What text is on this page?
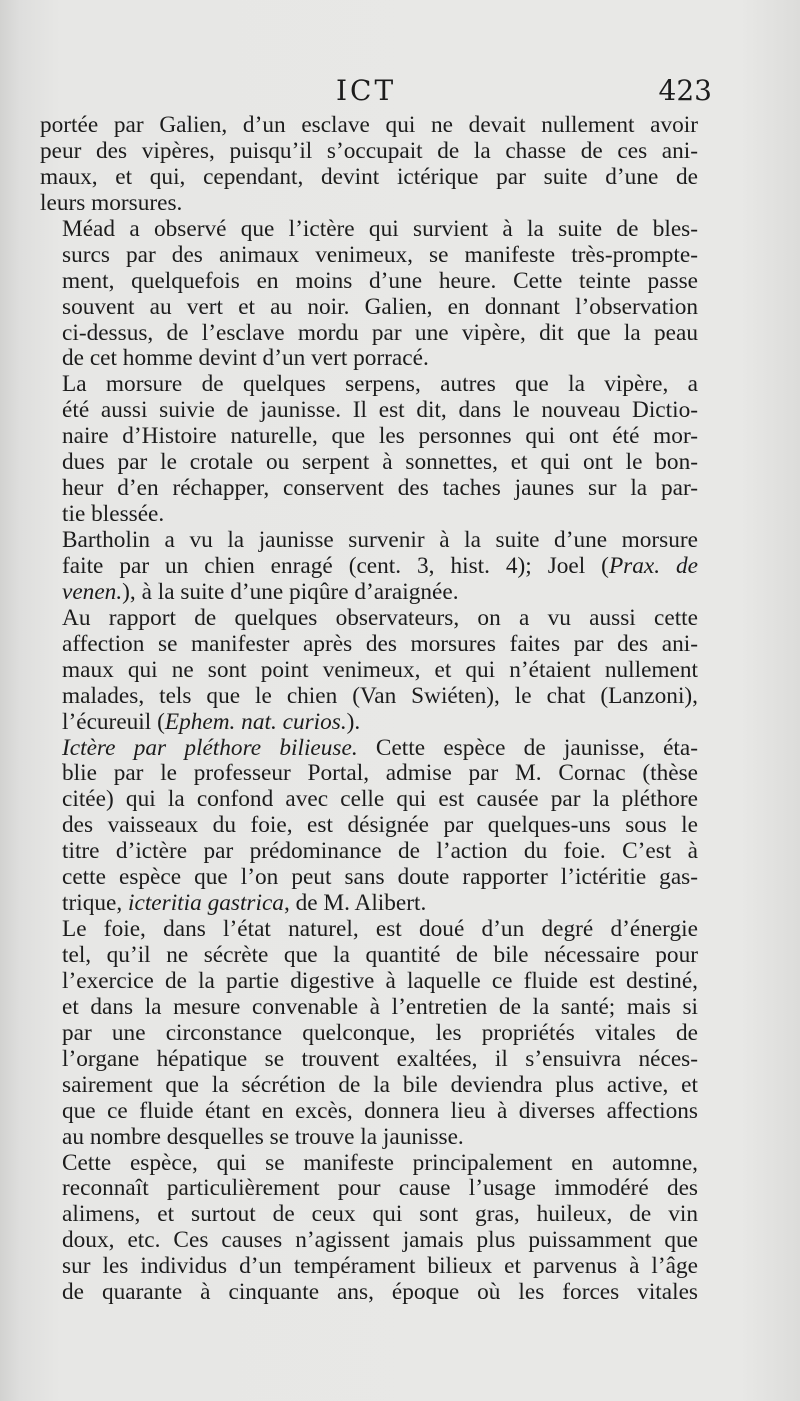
ICT	423
portée par Galien, d’un esclave qui ne devait nullement avoir
peur des vipères, puisqu’il s’occupait de la chasse de ces ani-
maux, et qui, cependant, devint ictérique par suite d’une de
leurs morsures.
Méad a observé que l’ictère qui survient à la suite de bles-
surcs par des animaux venimeux, se manifeste très-prompte-
ment, quelquefois en moins d’une heure. Cette teinte passe
souvent au vert et au noir. Galien, en donnant l’observation
ci-dessus, de l’esclave mordu par une vipère, dit que la peau
de cet homme devint d’un vert porracé.
La morsure de quelques serpens, autres que la vipère, a
été aussi suivie de jaunisse. Il est dit, dans le nouveau Dictio-
naire d’Histoire naturelle, que les personnes qui ont été mor-
dues par le crotale ou serpent à sonnettes, et qui ont le bon-
heur d’en réchapper, conservent des taches jaunes sur la par-
tie blessée.
Bartholin a vu la jaunisse survenir à la suite d’une morsure
faite par un chien enragé (cent. 3, hist. 4); Joel (Prax. de
venen.), à la suite d’une piqûre d’araignée.
Au rapport de quelques observateurs, on a vu aussi cette
affection se manifester après des morsures faites par des ani-
maux qui ne sont point venimeux, et qui n’étaient nullement
malades, tels que le chien (Van Swiéten), le chat (Lanzoni),
l’écureuil (Ephem. nat. curios.).
Ictère par pléthore bilieuse. Cette espèce de jaunisse, éta-
blie par le professeur Portal, admise par M. Cornac (thèse
citée) qui la confond avec celle qui est causée par la pléthore
des vaisseaux du foie, est désignée par quelques-uns sous le
titre d’ictère par prédominance de l’action du foie. C’est à
cette espèce que l’on peut sans doute rapporter l’ictéritie gas-
trique, icteritia gastrica, de M. Alibert.
Le foie, dans l’état naturel, est doué d’un degré d’énergie
tel, qu’il ne sécrète que la quantité de bile nécessaire pour
l’exercice de la partie digestive à laquelle ce fluide est destiné,
et dans la mesure convenable à l’entretien de la santé; mais si
par une circonstance quelconque, les propriétés vitales de
l’organe hépatique se trouvent exaltées, il s’ensuivra néces-
sairement que la sécrétion de la bile deviendra plus active, et
que ce fluide étant en excès, donnera lieu à diverses affections
au nombre desquelles se trouve la jaunisse.
Cette espèce, qui se manifeste principalement en automne,
reconnaît particulièrement pour cause l’usage immodéré des
alimens, et surtout de ceux qui sont gras, huileux, de vin
doux, etc. Ces causes n’agissent jamais plus puissamment que
sur les individus d’un tempérament bilieux et parvenus à l’âge
de quarante à cinquante ans, époque où les forces vitales
